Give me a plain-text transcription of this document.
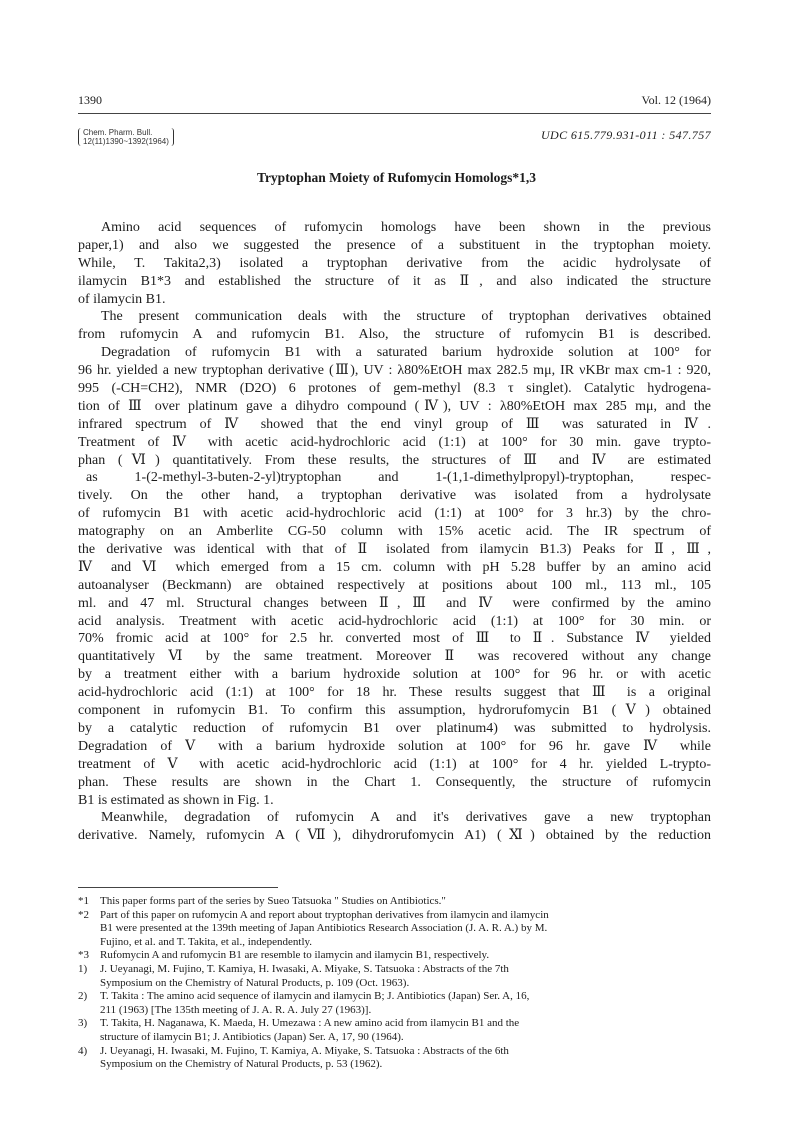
1390	Vol. 12 (1964)
Chem. Pharm. Bull.
12(11)1390~1392(1964)	UDC 615.779.931-011 : 547.757
Tryptophan Moiety of Rufomycin Homologs*1,3
Amino acid sequences of rufomycin homologs have been shown in the previous
paper,1) and also we suggested the presence of a substituent in the tryptophan moiety.
While, T. Takita2,3) isolated a tryptophan derivative from the acidic hydrolysate of
ilamycin B1*3 and established the structure of it as Ⅱ, and also indicated the structure
of ilamycin B1.
The present communication deals with the structure of tryptophan derivatives obtained
from rufomycin A and rufomycin B1. Also, the structure of rufomycin B1 is described.
Degradation of rufomycin B1 with a saturated barium hydroxide solution at 100° for
96 hr. yielded a new tryptophan derivative (Ⅲ), UV : λ80%EtOH max 282.5 mμ, IR νKBr max cm-1 : 920,
995 (-CH=CH2), NMR (D2O) 6 protones of gem-methyl (8.3 τ singlet). Catalytic hydrogena-
tion of Ⅲ over platinum gave a dihydro compound (Ⅳ), UV : λ80%EtOH max 285 mμ, and the
infrared spectrum of Ⅳ showed that the end vinyl group of Ⅲ was saturated in Ⅳ.
Treatment of Ⅳ with acetic acid-hydrochloric acid (1:1) at 100° for 30 min. gave trypto-
phan (Ⅵ) quantitatively. From these results, the structures of Ⅲ and Ⅳ are estimated
as 1-(2-methyl-3-buten-2-yl)tryptophan and 1-(1,1-dimethylpropyl)-tryptophan, respec-
tively. On the other hand, a tryptophan derivative was isolated from a hydrolysate
of rufomycin B1 with acetic acid-hydrochloric acid (1:1) at 100° for 3 hr.3) by the chro-
matography on an Amberlite CG-50 column with 15% acetic acid. The IR spectrum of
the derivative was identical with that of Ⅱ isolated from ilamycin B1.3) Peaks for Ⅱ, Ⅲ,
Ⅳ and Ⅵ which emerged from a 15 cm. column with pH 5.28 buffer by an amino acid
autoanalyser (Beckmann) are obtained respectively at positions about 100 ml., 113 ml., 105
ml. and 47 ml. Structural changes between Ⅱ, Ⅲ and Ⅳ were confirmed by the amino
acid analysis. Treatment with acetic acid-hydrochloric acid (1:1) at 100° for 30 min. or
70% fromic acid at 100° for 2.5 hr. converted most of Ⅲ to Ⅱ. Substance Ⅳ yielded
quantitatively Ⅵ by the same treatment. Moreover Ⅱ was recovered without any change
by a treatment either with a barium hydroxide solution at 100° for 96 hr. or with acetic
acid-hydrochloric acid (1:1) at 100° for 18 hr. These results suggest that Ⅲ is a original
component in rufomycin B1. To confirm this assumption, hydrorufomycin B1 (Ⅴ) obtained
by a catalytic reduction of rufomycin B1 over platinum4) was submitted to hydrolysis.
Degradation of Ⅴ with a barium hydroxide solution at 100° for 96 hr. gave Ⅳ while
treatment of Ⅴ with acetic acid-hydrochloric acid (1:1) at 100° for 4 hr. yielded L-trypto-
phan. These results are shown in the Chart 1. Consequently, the structure of rufomycin
B1 is estimated as shown in Fig. 1.
Meanwhile, degradation of rufomycin A and it's derivatives gave a new tryptophan
derivative. Namely, rufomycin A (Ⅶ), dihydrorufomycin A1) (Ⅺ) obtained by the reduction
*1	This paper forms part of the series by Sueo Tatsuoka " Studies on Antibiotics."
*2	Part of this paper on rufomycin A and report about tryptophan derivatives from ilamycin and ilamycin
B1 were presented at the 139th meeting of Japan Antibiotics Research Association (J. A. R. A.) by M.
Fujino, et al. and T. Takita, et al., independently.
*3	Rufomycin A and rufomycin B1 are resemble to ilamycin and ilamycin B1, respectively.
1)	J. Ueyanagi, M. Fujino, T. Kamiya, H. Iwasaki, A. Miyake, S. Tatsuoka : Abstracts of the 7th
Symposium on the Chemistry of Natural Products, p. 109 (Oct. 1963).
2)	T. Takita : The amino acid sequence of ilamycin and ilamycin B; J. Antibiotics (Japan) Ser. A, 16,
211 (1963) [The 135th meeting of J. A. R. A. July 27 (1963)].
3)	T. Takita, H. Naganawa, K. Maeda, H. Umezawa : A new amino acid from ilamycin B1 and the
structure of ilamycin B1; J. Antibiotics (Japan) Ser. A, 17, 90 (1964).
4)	J. Ueyanagi, H. Iwasaki, M. Fujino, T. Kamiya, A. Miyake, S. Tatsuoka : Abstracts of the 6th
Symposium on the Chemistry of Natural Products, p. 53 (1962).
